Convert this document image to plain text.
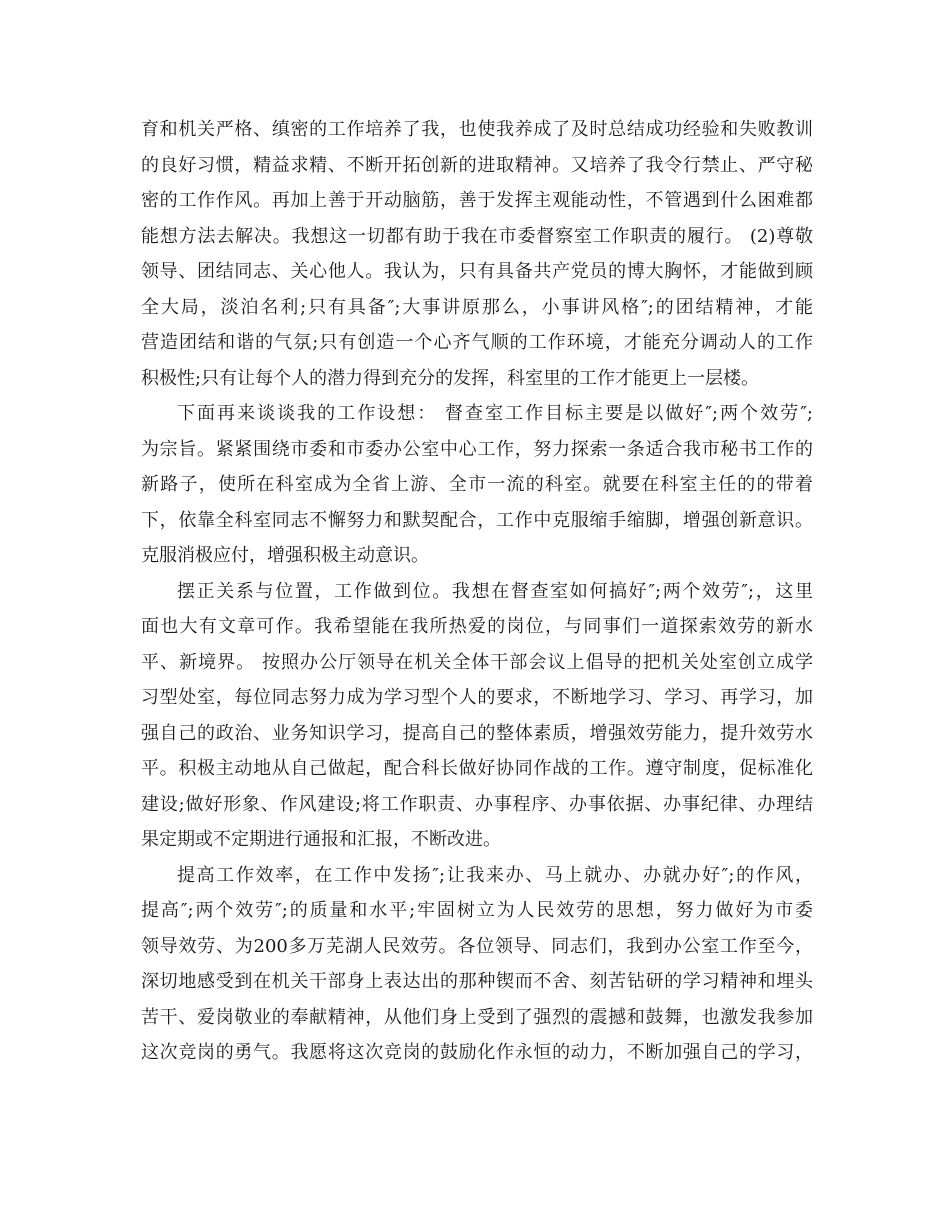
育和机关严格、缜密的工作培养了我，也使我养成了及时总结成功经验和失败教训
的良好习惯，精益求精、不断开拓创新的进取精神。又培养了我令行禁止、严守秘
密的工作作风。再加上善于开动脑筋，善于发挥主观能动性，不管遇到什么困难都
能想方法去解决。我想这一切都有助于我在市委督察室工作职责的履行。 (2)尊敬
领导、团结同志、关心他人。我认为，只有具备共产党员的博大胸怀，才能做到顾
全大局，淡泊名利;只有具备″;大事讲原那么，小事讲风格″;的团结精神，才能
营造团结和谐的气氛;只有创造一个心齐气顺的工作环境，才能充分调动人的工作
积极性;只有让每个人的潜力得到充分的发挥，科室里的工作才能更上一层楼。
下面再来谈谈我的工作设想： 督查室工作目标主要是以做好″;两个效劳″;
为宗旨。紧紧围绕市委和市委办公室中心工作，努力探索一条适合我市秘书工作的
新路子，使所在科室成为全省上游、全市一流的科室。就要在科室主任的的带着
下，依靠全科室同志不懈努力和默契配合，工作中克服缩手缩脚，增强创新意识。
克服消极应付，增强积极主动意识。
摆正关系与位置，工作做到位。我想在督查室如何搞好″;两个效劳″;，这里
面也大有文章可作。我希望能在我所热爱的岗位，与同事们一道探索效劳的新水
平、新境界。 按照办公厅领导在机关全体干部会议上倡导的把机关处室创立成学
习型处室，每位同志努力成为学习型个人的要求，不断地学习、学习、再学习，加
强自己的政治、业务知识学习，提高自己的整体素质，增强效劳能力，提升效劳水
平。积极主动地从自己做起，配合科长做好协同作战的工作。遵守制度，促标准化
建设;做好形象、作风建设;将工作职责、办事程序、办事依据、办事纪律、办理结
果定期或不定期进行通报和汇报，不断改进。
提高工作效率，在工作中发扬″;让我来办、马上就办、办就办好″;的作风，
提高″;两个效劳″;的质量和水平;牢固树立为人民效劳的思想，努力做好为市委
领导效劳、为200多万芜湖人民效劳。各位领导、同志们，我到办公室工作至今，
深切地感受到在机关干部身上表达出的那种锲而不舍、刻苦钻研的学习精神和埋头
苦干、爱岗敬业的奉献精神，从他们身上受到了强烈的震撼和鼓舞，也激发我参加
这次竞岗的勇气。我愿将这次竞岗的鼓励化作永恒的动力，不断加强自己的学习，
